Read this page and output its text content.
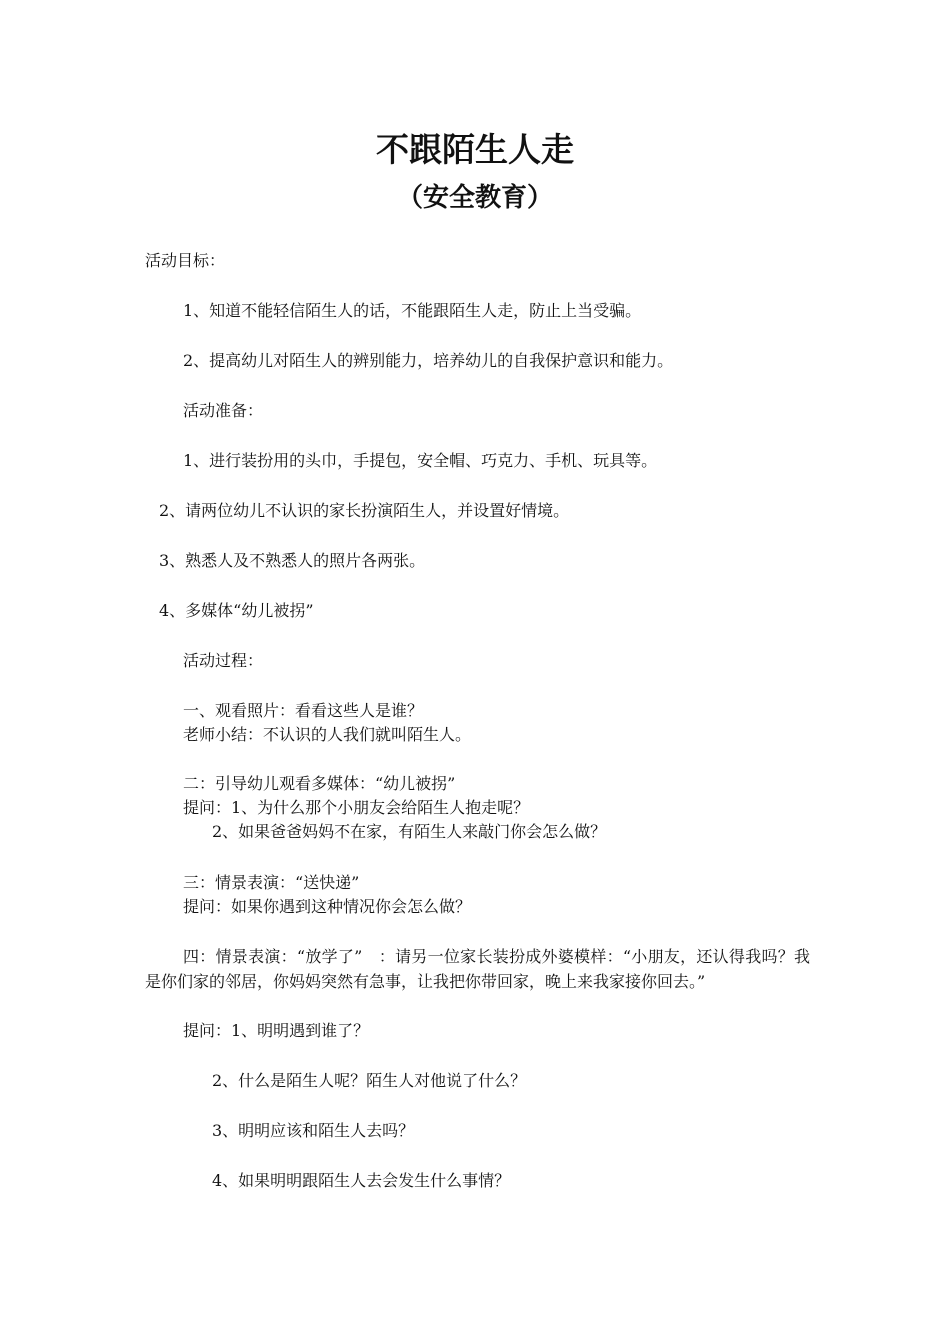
不跟陌生人走
（安全教育）
活动目标：
1、知道不能轻信陌生人的话，不能跟陌生人走，防止上当受骗。
2、提高幼儿对陌生人的辨别能力，培养幼儿的自我保护意识和能力。
活动准备：
1、进行装扮用的头巾，手提包，安全帽、巧克力、手机、玩具等。
2、请两位幼儿不认识的家长扮演陌生人，并设置好情境。
3、熟悉人及不熟悉人的照片各两张。
4、多媒体“幼儿被拐”
活动过程：
一、观看照片：看看这些人是谁？
老师小结：不认识的人我们就叫陌生人。
二：引导幼儿观看多媒体：“幼儿被拐”
提问：1、为什么那个小朋友会给陌生人抱走呢？
2、如果爸爸妈妈不在家，有陌生人来敲门你会怎么做？
三：情景表演：“送快递”
提问：如果你遇到这种情况你会怎么做？
四：情景表演：“放学了”　：请另一位家长装扮成外婆模样：“小朋友，还认得我吗？我是你们家的邻居，你妈妈突然有急事，让我把你带回家，晚上来我家接你回去。”
提问：1、明明遇到谁了？
2、什么是陌生人呢？陌生人对他说了什么？
3、明明应该和陌生人去吗？
4、如果明明跟陌生人去会发生什么事情？
